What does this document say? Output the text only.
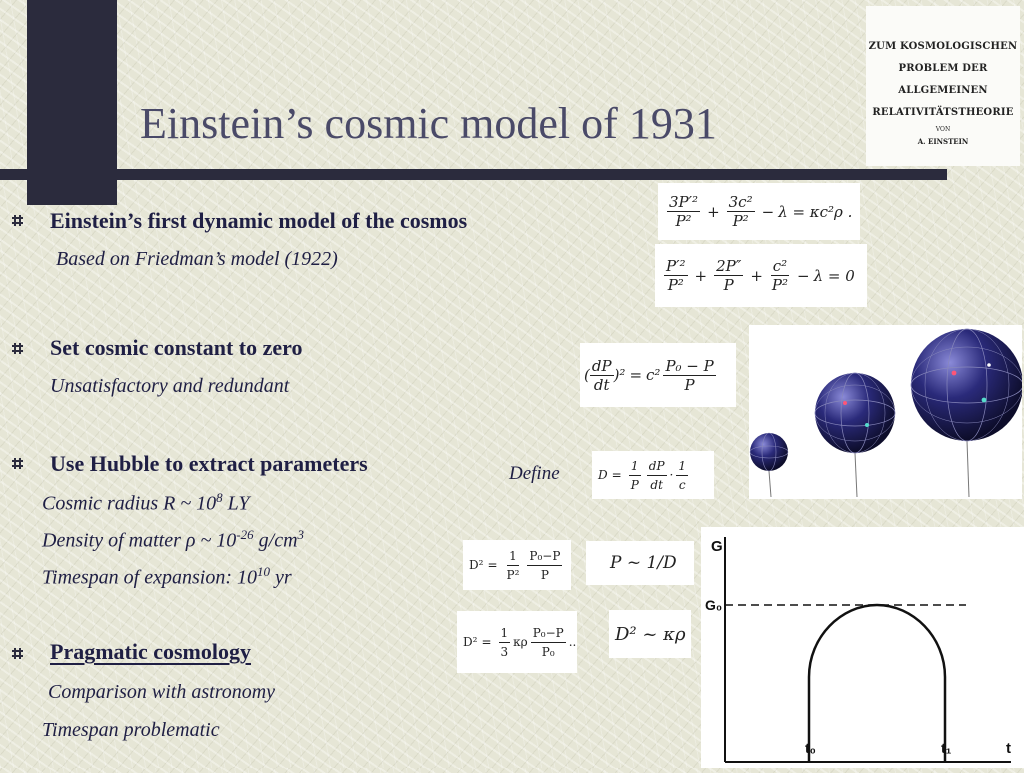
Einstein’s cosmic model of 1931
ZUM KOSMOLOGISCHEN
PROBLEM DER ALLGEMEINEN
RELATIVITÄTSTHEORIE
VON
A. EINSTEIN
Einstein’s first dynamic model of the cosmos
Based on Friedman’s model (1922)
Set cosmic constant to zero
Unsatisfactory and redundant
Use Hubble to extract parameters
Cosmic radius R ~ $10^8$ LY
Density of matter ρ ~ $10^{-26}$ $g/cm^3$
Timespan of expansion: $10^{10}$ yr
Pragmatic cosmology
Comparison with astronomy
Timespan problematic
Define
$\frac{\text{3P′²}}{\text{P²}} + \frac{\text{3c²}}{\text{P²}} - \lambda = \kappa c^2\rho$ .
$\frac{\text{P′²}}{\text{P²}} + \frac{2P''}{P} + \frac{\text{c²}}{\text{P²}} - \lambda = 0$
( $\frac{dP}{dt} )^2 = c^2 \frac{\text{P₀ − P}}{P}$
$D = \frac{1}{P} \frac{dP}{dt} \cdot \frac{1}{c}$
$D^2 = \frac{1}{\text{P²}} \frac{\text{P₀−P}}{P}$	P ~ 1/D
$D^2 = \frac{1}{3}$ κρ $\frac{\text{P₀−P}}{\text{P₀}}$ ..	D² ~ κρ
G
G₀
t₀	t₁	t
